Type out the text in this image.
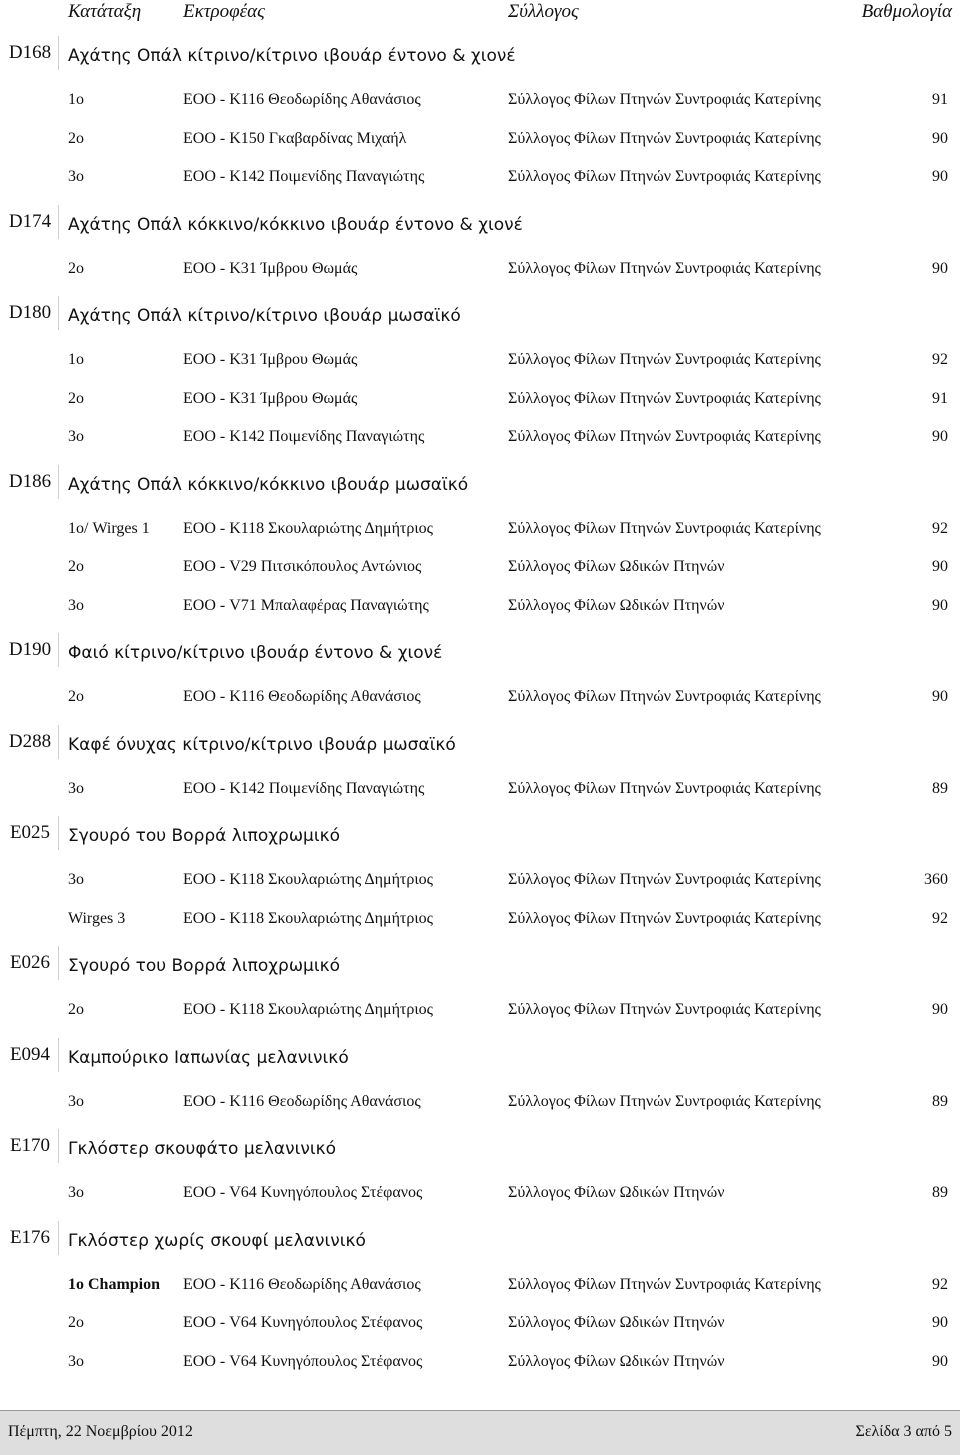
Κατάταξη Εκτροφέας	Σύλλογος	Βαθμολογία
D168 Αχάτης Οπάλ κίτρινο/κίτρινο ιβουάρ έντονο & χιονέ
1ο	ΕΟΟ - Κ116 Θεοδωρίδης Αθανάσιος	Σύλλογος Φίλων Πτηνών Συντροφιάς Κατερίνης	91
2ο	ΕΟΟ - Κ150 Γκαβαρδίνας Μιχαήλ	Σύλλογος Φίλων Πτηνών Συντροφιάς Κατερίνης	90
3ο	ΕΟΟ - Κ142 Ποιμενίδης Παναγιώτης	Σύλλογος Φίλων Πτηνών Συντροφιάς Κατερίνης	90
D174 Αχάτης Οπάλ κόκκινο/κόκκινο ιβουάρ έντονο & χιονέ
2ο	ΕΟΟ - Κ31 Ίμβρου Θωμάς	Σύλλογος Φίλων Πτηνών Συντροφιάς Κατερίνης	90
D180 Αχάτης Οπάλ κίτρινο/κίτρινο ιβουάρ μωσαϊκό
1ο	ΕΟΟ - Κ31 Ίμβρου Θωμάς	Σύλλογος Φίλων Πτηνών Συντροφιάς Κατερίνης	92
2ο	ΕΟΟ - Κ31 Ίμβρου Θωμάς	Σύλλογος Φίλων Πτηνών Συντροφιάς Κατερίνης	91
3ο	ΕΟΟ - Κ142 Ποιμενίδης Παναγιώτης	Σύλλογος Φίλων Πτηνών Συντροφιάς Κατερίνης	90
D186 Αχάτης Οπάλ κόκκινο/κόκκινο ιβουάρ μωσαϊκό
1ο/ Wirges 1 ΕΟΟ - Κ118 Σκουλαριώτης Δημήτριος	Σύλλογος Φίλων Πτηνών Συντροφιάς Κατερίνης	92
2ο	ΕΟΟ - V29 Πιτσικόπουλος Αντώνιος	Σύλλογος Φίλων Ωδικών Πτηνών	90
3ο	ΕΟΟ - V71 Μπαλαφέρας Παναγιώτης	Σύλλογος Φίλων Ωδικών Πτηνών	90
D190 Φαιό κίτρινο/κίτρινο ιβουάρ έντονο & χιονέ
2ο	ΕΟΟ - Κ116 Θεοδωρίδης Αθανάσιος	Σύλλογος Φίλων Πτηνών Συντροφιάς Κατερίνης	90
D288 Καφέ όνυχας κίτρινο/κίτρινο ιβουάρ μωσαϊκό
3ο	ΕΟΟ - Κ142 Ποιμενίδης Παναγιώτης	Σύλλογος Φίλων Πτηνών Συντροφιάς Κατερίνης	89
E025	Σγουρό του Βορρά λιποχρωμικό
3ο	ΕΟΟ - Κ118 Σκουλαριώτης Δημήτριος	Σύλλογος Φίλων Πτηνών Συντροφιάς Κατερίνης	360
Wirges 3	ΕΟΟ - Κ118 Σκουλαριώτης Δημήτριος	Σύλλογος Φίλων Πτηνών Συντροφιάς Κατερίνης	92
E026	Σγουρό του Βορρά λιποχρωμικό
2ο	ΕΟΟ - Κ118 Σκουλαριώτης Δημήτριος	Σύλλογος Φίλων Πτηνών Συντροφιάς Κατερίνης	90
E094	Καμπούρικο Ιαπωνίας μελανινικό
3ο	ΕΟΟ - Κ116 Θεοδωρίδης Αθανάσιος	Σύλλογος Φίλων Πτηνών Συντροφιάς Κατερίνης	89
E170	Γκλόστερ σκουφάτο μελανινικό
3ο	ΕΟΟ - V64 Κυνηγόπουλος Στέφανος	Σύλλογος Φίλων Ωδικών Πτηνών	89
E176	Γκλόστερ χωρίς σκουφί μελανινικό
1ο Champion ΕΟΟ - Κ116 Θεοδωρίδης Αθανάσιος	Σύλλογος Φίλων Πτηνών Συντροφιάς Κατερίνης	92
2ο	ΕΟΟ - V64 Κυνηγόπουλος Στέφανος	Σύλλογος Φίλων Ωδικών Πτηνών	90
3ο	ΕΟΟ - V64 Κυνηγόπουλος Στέφανος	Σύλλογος Φίλων Ωδικών Πτηνών	90
Πέμπτη, 22 Νοεμβρίου 2012	Σελίδα 3 από 5
